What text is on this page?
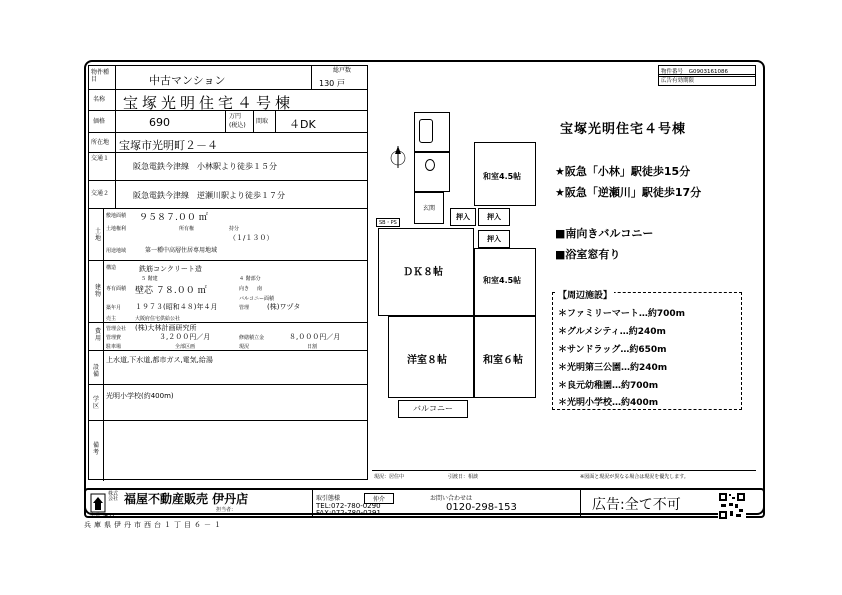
物件種目	中古マンション
総戸数
130 戸
名称 宝塚光明住宅４号棟
価格	690	万円
(税込)
間取 ４DK
所在地 宝塚市光明町２－４
交通１
阪急電鉄今津線　小林駅より徒歩１５分
交通２	阪急電鉄今津線　逆瀬川駅より徒歩１７分
土地
敷地面積 ９５８７.００ ㎡
土地権利	所有権	持分
（１/１３０）
用途地域	第一種中高層住居専用地域
建物
構造	鉄筋コンクリート造
５ 階建	４ 階部分
専有面積 壁芯 ７８.００ ㎡	向き 南
バルコニー面積
築年月 １９７３(昭和４８)年４月	管理	(株)ワヅタ
売主	大阪府住宅供給公社
費用
管理会社 (株)大林計画研究所
管理費	３,２００円／月	修繕積立金	８,０００円／月
駐車場	全部区画	現況	日割
設備
上水道,下水道,都市ガス,電気,給湯
学区
光明小学校(約400m)
備考
物件番号 G0903161086
広告有効期限
玄関
SB・PS
和室4.5帖
押入
押入
押入
ＤＫ８帖
和室4.5帖
洋室８帖	和室６帖
バルコニー
宝塚光明住宅４号棟
★阪急「小林」駅徒歩15分
★阪急「逆瀬川」駅徒歩17分
■南向きバルコニー
■浴室窓有り
【周辺施設】
＊ファミリーマート…約700m
＊グルメシティ…約240m
＊サンドラッグ…約650m
＊光明第三公園…約240m
＊良元幼稚園…約700m
＊光明小学校…約400m
現況：居住中	引渡日：相談	※図面と現況が異なる場合は現況を優先します。
株式会社 福屋不動産販売 伊丹店
宅建 3455
担当者：
取引態様	仲介	お問い合わせは
TEL:072-780-0290
FAX:072-780-0291	0120-298-153	広告:全て不可
兵庫県伊丹市西台１丁目６－１
